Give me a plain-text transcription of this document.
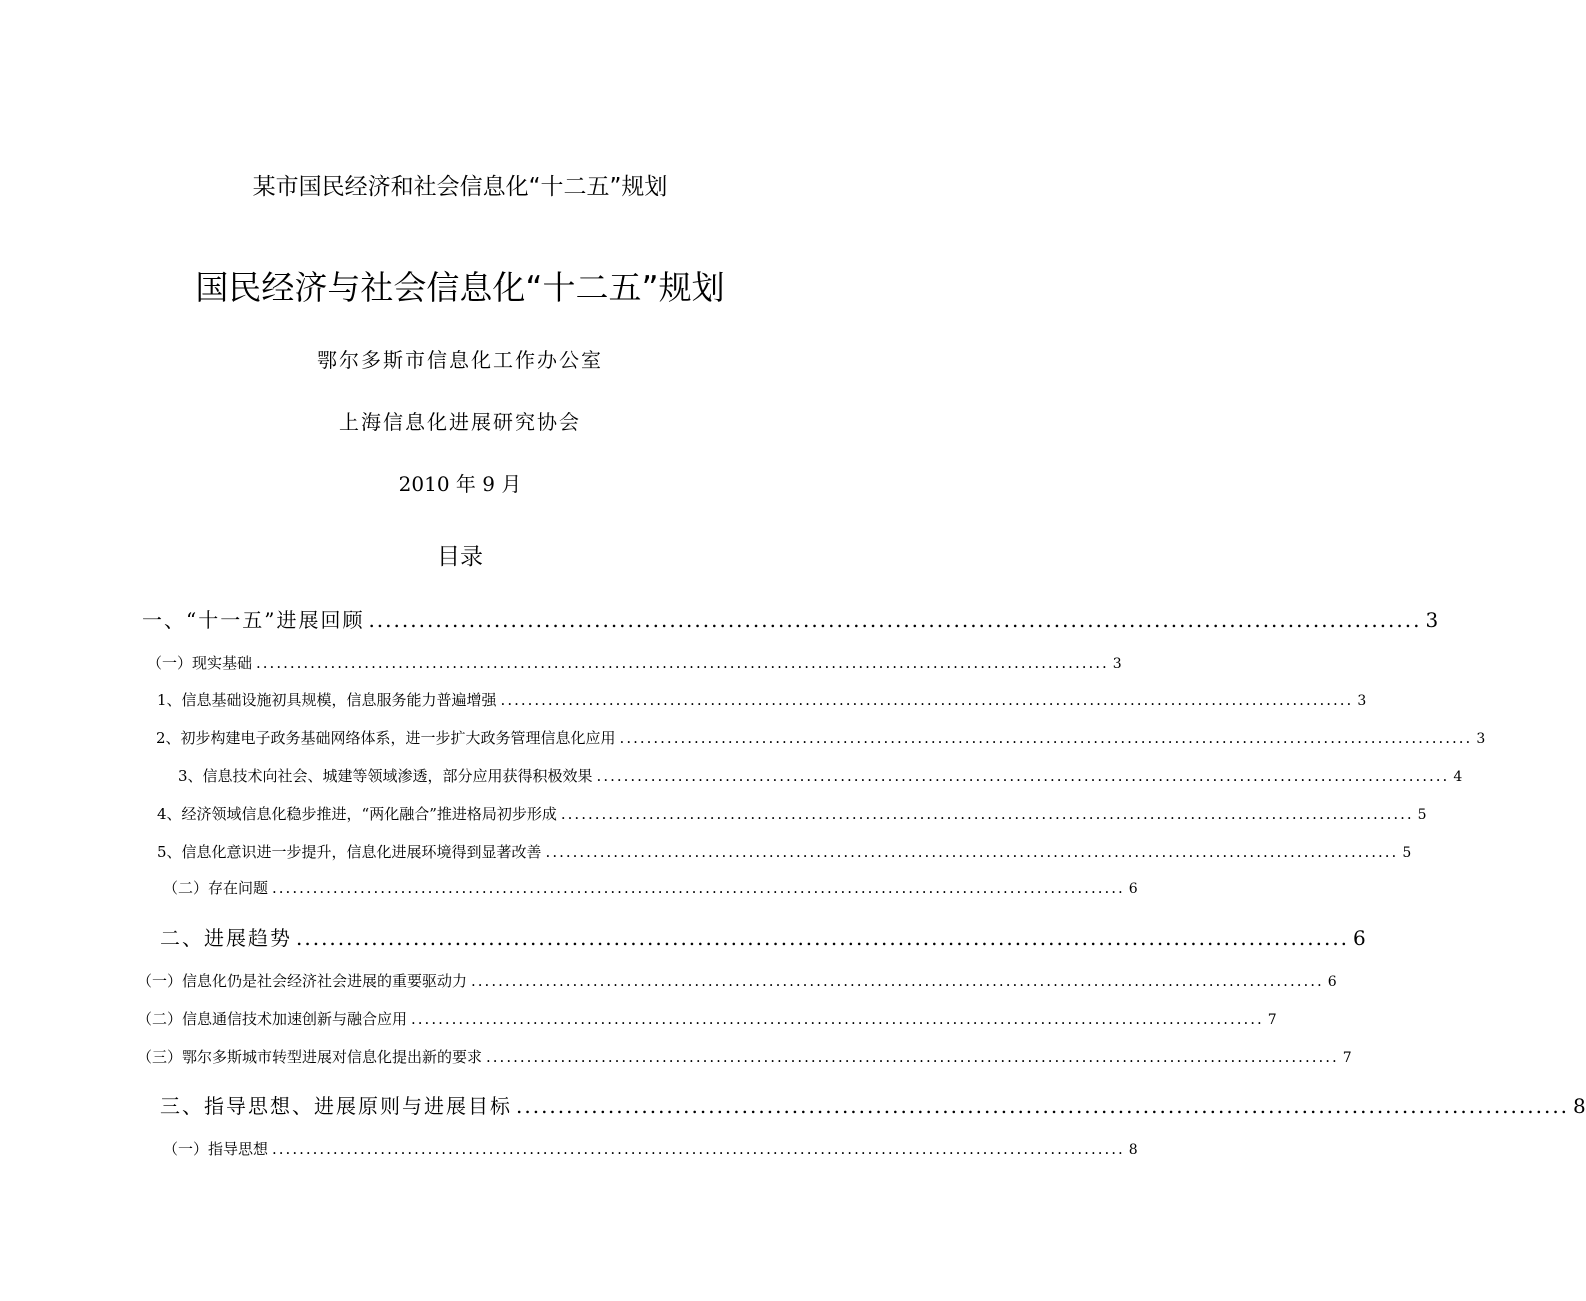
某市国民经济和社会信息化“十二五”规划
国民经济与社会信息化“十二五”规划
鄂尔多斯市信息化工作办公室
上海信息化进展研究协会
2010 年 9 月
目录
一、“十一五”进展回顾 .............................................................................................................................. 3
（一）现实基础 .............................................................................................................................. 3
1、信息基础设施初具规模，信息服务能力普遍增强 .............................................................................................................................. 3
2、初步构建电子政务基础网络体系，进一步扩大政务管理信息化应用 .............................................................................................................................. 3
3、信息技术向社会、城建等领域渗透，部分应用获得积极效果 .............................................................................................................................. 4
4、经济领域信息化稳步推进，“两化融合”推进格局初步形成 .............................................................................................................................. 5
5、信息化意识进一步提升，信息化进展环境得到显著改善 .............................................................................................................................. 5
（二）存在问题 .............................................................................................................................. 6
二、进展趋势 .............................................................................................................................. 6
（一）信息化仍是社会经济社会进展的重要驱动力 .............................................................................................................................. 6
（二）信息通信技术加速创新与融合应用 .............................................................................................................................. 7
（三）鄂尔多斯城市转型进展对信息化提出新的要求 .............................................................................................................................. 7
三、指导思想、进展原则与进展目标 .............................................................................................................................. 8
（一）指导思想 .............................................................................................................................. 8
